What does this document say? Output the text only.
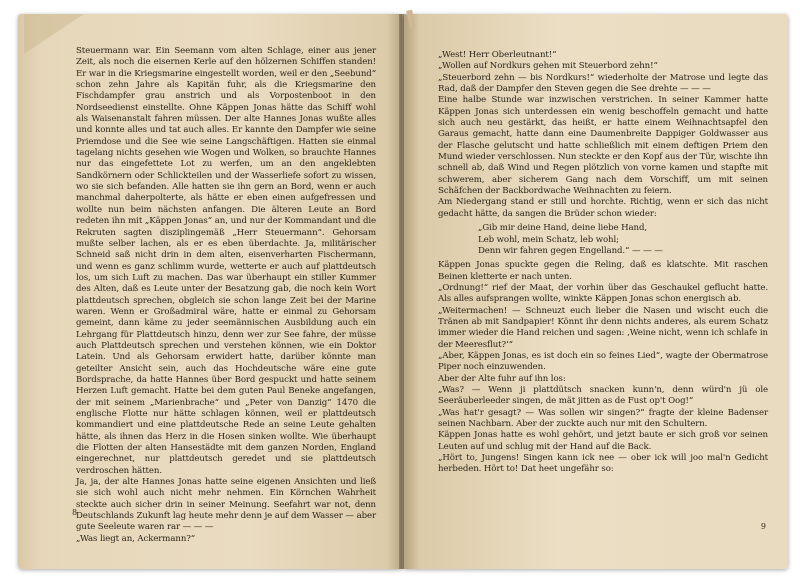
Steuermann war. Ein Seemann vom alten Schlage, einer aus jener Zeit, als noch die eisernen Kerle auf den hölzernen Schiffen standen! Er war in die Kriegsmarine eingestellt worden, weil er den „Seebund“ schon zehn Jahre als Kapitän fuhr, als die Kriegsmarine den Fischdampfer grau anstrich und als Vorpostenboot in den Nordseedienst einstellte. Ohne Käppen Jonas hätte das Schiff wohl als Waisenanstalt fahren müssen. Der alte Hannes Jonas wußte alles und konnte alles und tat auch alles. Er kannte den Dampfer wie seine Priemdose und die See wie seine Langschäftigen. Hatten sie einmal tagelang nichts gesehen wie Wogen und Wolken, so brauchte Hannes nur das eingefettete Lot zu werfen, um an den angeklebten Sandkörnern oder Schlickteilen und der Wasserliefe sofort zu wissen, wo sie sich befanden. Alle hatten sie ihn gern an Bord, wenn er auch manchmal daherpolterte, als hätte er eben einen aufgefressen und wollte nun beim nächsten anfangen. Die älteren Leute an Bord redeten ihn mit „Käppen Jonas“ an, und nur der Kommandant und die Rekruten sagten disziplingemäß „Herr Steuermann“. Gehorsam mußte selber lachen, als er es eben überdachte. Ja, militärischer Schneid saß nicht drin in dem alten, eisenverharten Fischermann, und wenn es ganz schlimm wurde, wetterte er auch auf plattdeutsch los, um sich Luft zu machen. Das war überhaupt ein stiller Kummer des Alten, daß es Leute unter der Besatzung gab, die noch kein Wort plattdeutsch sprechen, obgleich sie schon lange Zeit bei der Marine waren. Wenn er Großadmiral wäre, hatte er einmal zu Gehorsam gemeint, dann käme zu jeder seemännischen Ausbildung auch ein Lehrgang für Plattdeutsch hinzu, denn wer zur See fahre, der müsse auch Plattdeutsch sprechen und verstehen können, wie ein Doktor Latein. Und als Gehorsam erwidert hatte, darüber könnte man geteilter Ansicht sein, auch das Hochdeutsche wäre eine gute Bordsprache, da hatte Hannes über Bord gespuckt und hatte seinem Herzen Luft gemacht. Hatte bei dem guten Paul Beneke angefangen, der mit seinem „Marienbrache“ und „Peter von Danzig“ 1470 die englische Flotte nur hätte schlagen können, weil er plattdeutsch kommandiert und eine plattdeutsche Rede an seine Leute gehalten hätte, als ihnen das Herz in die Hosen sinken wollte. Wie überhaupt die Flotten der alten Hansestädte mit dem ganzen Norden, England eingerechnet, nur plattdeutsch geredet und sie plattdeutsch verdroschen hätten.

Ja, ja, der alte Hannes Jonas hatte seine eigenen Ansichten und ließ sie sich wohl auch nicht mehr nehmen. Ein Körnchen Wahrheit steckte auch sicher drin in seiner Meinung. Seefahrt war not, denn Deutschlands Zukunft lag heute mehr denn je auf dem Wasser — aber gute Seeleute waren rar — — —

„Was liegt an, Ackermann?“

8

„West! Herr Oberleutnant!“

„Wollen auf Nordkurs gehen mit Steuerbord zehn!“

„Steuerbord zehn — bis Nordkurs!“ wiederholte der Matrose und legte das Rad, daß der Dampfer den Steven gegen die See drehte — — —

Eine halbe Stunde war inzwischen verstrichen. In seiner Kammer hatte Käppen Jonas sich unterdessen ein wenig beschoffeln gemacht und hatte sich auch neu gestärkt, das heißt, er hatte einem Weihnachtsapfel den Garaus gemacht, hatte dann eine Daumenbreite Dappiger Goldwasser aus der Flasche gelutscht und hatte schließlich mit einem deftigen Priem den Mund wieder verschlossen. Nun steckte er den Kopf aus der Tür, wischte ihn schnell ab, daß Wind und Regen plötzlich von vorne kamen und stapfte mit schwerem, aber sicherem Gang nach dem Vorschiff, um mit seinen Schäfchen der Backbordwache Weihnachten zu feiern.

Am Niedergang stand er still und horchte. Richtig, wenn er sich das nicht gedacht hätte, da sangen die Brüder schon wieder:

„Gib mir deine Hand, deine liebe Hand,
Leb wohl, mein Schatz, leb wohl;
Denn wir fahren gegen Engelland.“ — — —

Käppen Jonas spuckte gegen die Reling, daß es klatschte. Mit raschen Beinen kletterte er nach unten.

„Ordnung!“ rief der Maat, der vorhin über das Geschaukel geflucht hatte. Als alles aufsprangen wollte, winkte Käppen Jonas schon energisch ab.

„Weitermachen! — Schneuzt euch lieber die Nasen und wischt euch die Tränen ab mit Sandpapier! Könnt ihr denn nichts anderes, als eurem Schatz immer wieder die Hand reichen und sagen: ‚Weine nicht, wenn ich schlafe in der Meeresflut?‘“

„Aber, Käppen Jonas, es ist doch ein so feines Lied“, wagte der Obermatrose Piper noch einzuwenden.

Aber der Alte fuhr auf ihn los:

„Was? — Wenn ji plattdütsch snacken kunn'n, denn würd'n jü ole Seeräuberleeder singen, de mät jitten as de Fust op't Oog!“

„Was hat'r gesagt? — Was sollen wir singen?“ fragte der kleine Badenser seinen Nachbarn. Aber der zuckte auch nur mit den Schultern.

Käppen Jonas hatte es wohl gehört, und jetzt baute er sich groß vor seinen Leuten auf und schlug mit der Hand auf die Back.

„Hört to, Jungens! Singen kann ick nee — ober ick will joo mal'n Gedicht herbeden. Hört to! Dat heet ungefähr so:

9
